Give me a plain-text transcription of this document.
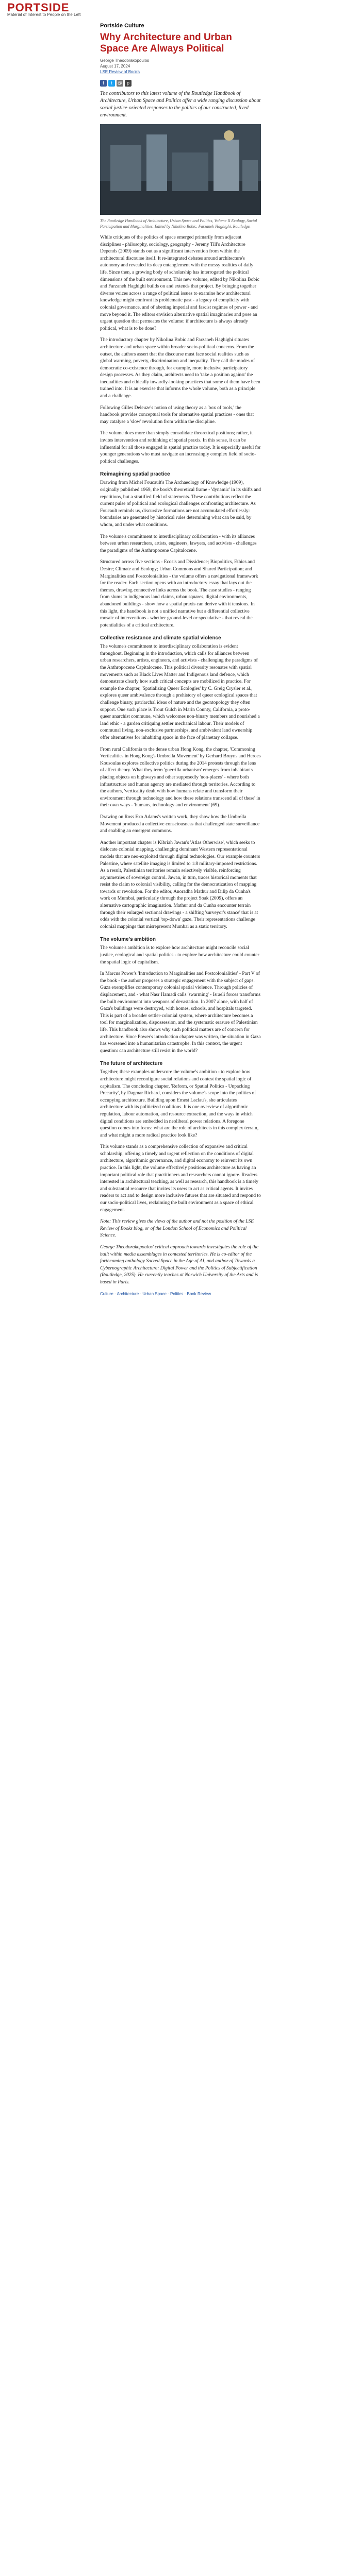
PORTSIDE
Material of Interest to People on the Left
Portside Culture
Why Architecture and Urban Space Are Always Political
George Theodorakopoulos
August 17, 2024
LSE Review of Books
f t @ p
The contributors to this latest volume of the Routledge Handbook of Architecture, Urban Space and Politics offer a wide ranging discussion about social justice-oriented responses to the politics of our constructed, lived environment.
The Routledge Handbook of Architecture, Urban Space and Politics, Volume II Ecology, Social Participation and Marginalities. Edited by Nikolina Bobic, Farzaneh Haghighi. Routledge.

While critiques of the politics of space emerged primarily from adjacent disciplines - philosophy, sociology, geography - Jeremy Till's Architecture Depends (2009) stands out as a significant intervention from within the architectural discourse itself. It re-integrated debates around architecture's autonomy and revealed its deep entanglement with the messy realities of daily life. Since then, a growing body of scholarship has interrogated the political dimensions of the built environment. This new volume, edited by Nikolina Bobic and Farzaneh Haghighi builds on and extends that project. By bringing together diverse voices across a range of political issues to examine how architectural knowledge might confront its problematic past - a legacy of complicity with colonial governance, and of abetting imperial and fascist regimes of power - and move beyond it. The editors envision alternative spatial imaginaries and pose an urgent question that permeates the volume: if architecture is always already political, what is to be done?

The introductory chapter by Nikolina Bobic and Farzaneh Haghighi situates architecture and urban space within broader socio-political concerns. From the outset, the authors assert that the discourse must face social realities such as global warming, poverty, discrimination and inequality. They call the modes of democratic co-existence through, for example, more inclusive participatory design processes. As they claim, architects need to 'take a position against' the inequalities and ethically inwardly-looking practices that some of them have been trained into. It is an exercise that informs the whole volume, both as a principle and a challenge.

Following Gilles Deleuze's notion of using theory as a 'box of tools,' the handbook provides conceptual tools for alternative spatial practices - ones that may catalyse a 'slow' revolution from within the discipline.

The volume does more than simply consolidate theoretical positions; rather, it invites intervention and rethinking of spatial praxis. In this sense, it can be influential for all those engaged in spatial practice today. It is especially useful for younger generations who must navigate an increasingly complex field of socio-political challenges.

Reimagining spatial practice

Drawing from Michel Foucault's The Archaeology of Knowledge (1969), originally published 1969, the book's theoretical frame - 'dynamic' in its shifts and repetitions, but a stratified field of statements. These contributions reflect the current pulse of political and ecological challenges confronting architecture. As Foucault reminds us, discursive formations are not accumulated effortlessly: boundaries are generated by historical rules determining what can be said, by whom, and under what conditions.

The volume's commitment to interdisciplinary collaboration - with its alliances between urban researchers, artists, engineers, lawyers, and activists - challenges the paradigms of the Anthropocene Capitalocene.

Structured across five sections - Ecosis and Dissidence; Biopolitics, Ethics and Desire; Climate and Ecology; Urban Commons and Shared Participation; and Marginalities and Postcolonialities - the volume offers a navigational framework for the reader. Each section opens with an introductory essay that lays out the themes, drawing connective links across the book. The case studies - ranging from slums to indigenous land claims, urban squares, digital environments, abandoned buildings - show how a spatial praxis can derive with it tensions. In this light, the handbook is not a unified narrative but a differential collective mosaic of interventions - whether ground-level or speculative - that reveal the potentialities of a critical architecture.

Collective resistance and climate spatial violence

The volume's commitment to interdisciplinary collaboration is evident throughout. Beginning in the introduction, which calls for alliances between urban researchers, artists, engineers, and activists - challenging the paradigms of the Anthropocene Capitalocene. This political diversity resonates with spatial movements such as Black Lives Matter and Indigenous land defence, which demonstrate clearly how such critical concepts are mobilized in practice. For example the chapter, 'Spatializing Queer Ecologies' by C. Greig Crysler et al., explores queer ambivalence through a prehistory of queer ecological spaces that challenge binary, patriarchal ideas of nature and the geontopology they often support. One such place is Trout Gulch in Marin County, California, a proto-queer anarchist commune, which welcomes non-binary members and nourished a land ethic - a garden critiquing settler mechanical labour. Their models of communal living, non-exclusive partnerships, and ambivalent land ownership offer alternatives for inhabiting space in the face of planetary collapse.

From rural California to the dense urban Hong Kong, the chapter, 'Commoning Verticalities in Hong Kong's Umbrella Movement' by Gerhard Bruyns and Heroes Kousoulas explores collective politics during the 2014 protests through the lens of affect theory. What they term 'guerrilla urbanism' emerges from inhabitants placing objects on highways and other supposedly 'non-places' - where both infrastructure and human agency are mediated through territories. According to the authors, 'verticality dealt with how humans relate and transform their environment through technology and how these relations transcend all of these' in their own ways - 'humans, technology and environment' (69).

Drawing on Ross Exo Adams's written work, they show how the Umbrella Movement produced a collective consciousness that challenged state surveillance and enabling an emergent commons.

Another important chapter is Kibriah Jawan's 'Atlas Otherwise', which seeks to dislocate colonial mapping, challenging dominant Western representational models that are neo-exploited through digital technologies. Our example counters Palestine, where satellite imaging is limited to 1:8 military-imposed restrictions. As a result, Palestinian territories remain selectively visible, reinforcing asymmetries of sovereign control. Jawan, in turn, traces historical moments that resist the claim to colonial visibility, calling for the democratization of mapping towards or revolution. For the editor, Anoradha Mathur and Dilip da Cunha's work on Mumbai, particularly through the project Soak (2009), offers an alternative cartographic imagination. Mathur and da Cunha encounter terrain through their enlarged sectional drawings - a shifting 'surveyor's stance' that is at odds with the colonial vertical 'top-down' gaze. Their representations challenge colonial mappings that misrepresent Mumbai as a static territory.

The volume's ambition

The volume's ambition is to explore how architecture might reconcile social justice, ecological and spatial politics - to explore how architecture could counter the spatial logic of capitalism.

In Marcus Power's 'Introduction to Marginalities and Postcolonialities' - Part V of the book - the author proposes a strategic engagement with the subject of gaps. Guza exemplifies contemporary colonial spatial violence. Through policies of displacement, and - what Nasr Hamadi calls 'swarming' - Israeli forces transforms the built environment into weapons of devastation. In 2007 alone, with half of Gaza's buildings were destroyed, with homes, schools, and hospitals targeted. This is part of a broader settler-colonial system, where architecture becomes a tool for marginalization, dispossession, and the systematic erasure of Palestinian life. This handbook also shows why such political matters are of concern for architecture. Since Power's introduction chapter was written, the situation in Gaza has worsened into a humanitarian catastrophe. In this context, the urgent question: can architecture still resist in the world?

The future of architecture

Together, these examples underscore the volume's ambition - to explore how architecture might reconfigure social relations and contest the spatial logic of capitalism. The concluding chapter, 'Reform, or Spatial Politics - Unpacking Precarity', by Dagmar Richard, considers the volume's scope into the politics of occupying architecture. Building upon Ernest Laclau's, she articulates architecture with its politicized coalitions. It is one overview of algorithmic regulation, labour automation, and resource extraction, and the ways in which digital conditions are embedded in neoliberal power relations. A foregone question comes into focus: what are the role of architects in this complex terrain, and what might a more radical practice look like?

This volume stands as a comprehensive collection of expansive and critical scholarship, offering a timely and urgent reflection on the conditions of digital architecture, algorithmic governance, and digital economy to reinvent its own practice. In this light, the volume effectively positions architecture as having an important political role that practitioners and researchers cannot ignore. Readers interested in architectural teaching, as well as research, this handbook is a timely and substantial resource that invites its users to act as critical agents. It invites readers to act and to design more inclusive futures that are situated and respond to our socio-political lives, reclaiming the built environment as a space of ethical engagement.

Note: This review gives the views of the author and not the position of the LSE Review of Books blog, or of the London School of Economics and Political Science.

George Theodorakopoulos' critical approach towards investigates the role of the built within media assemblages in contested territories. He is co-editor of the forthcoming anthology Sacred Space in the Age of AI, and author of Towards a Cybernographic Architecture: Digital Power and the Politics of Subjectification (Routledge, 2025). He currently teaches at Norwich University of the Arts and is based in Paris.

Culture · Architecture · Urban Space · Politics · Book Review
